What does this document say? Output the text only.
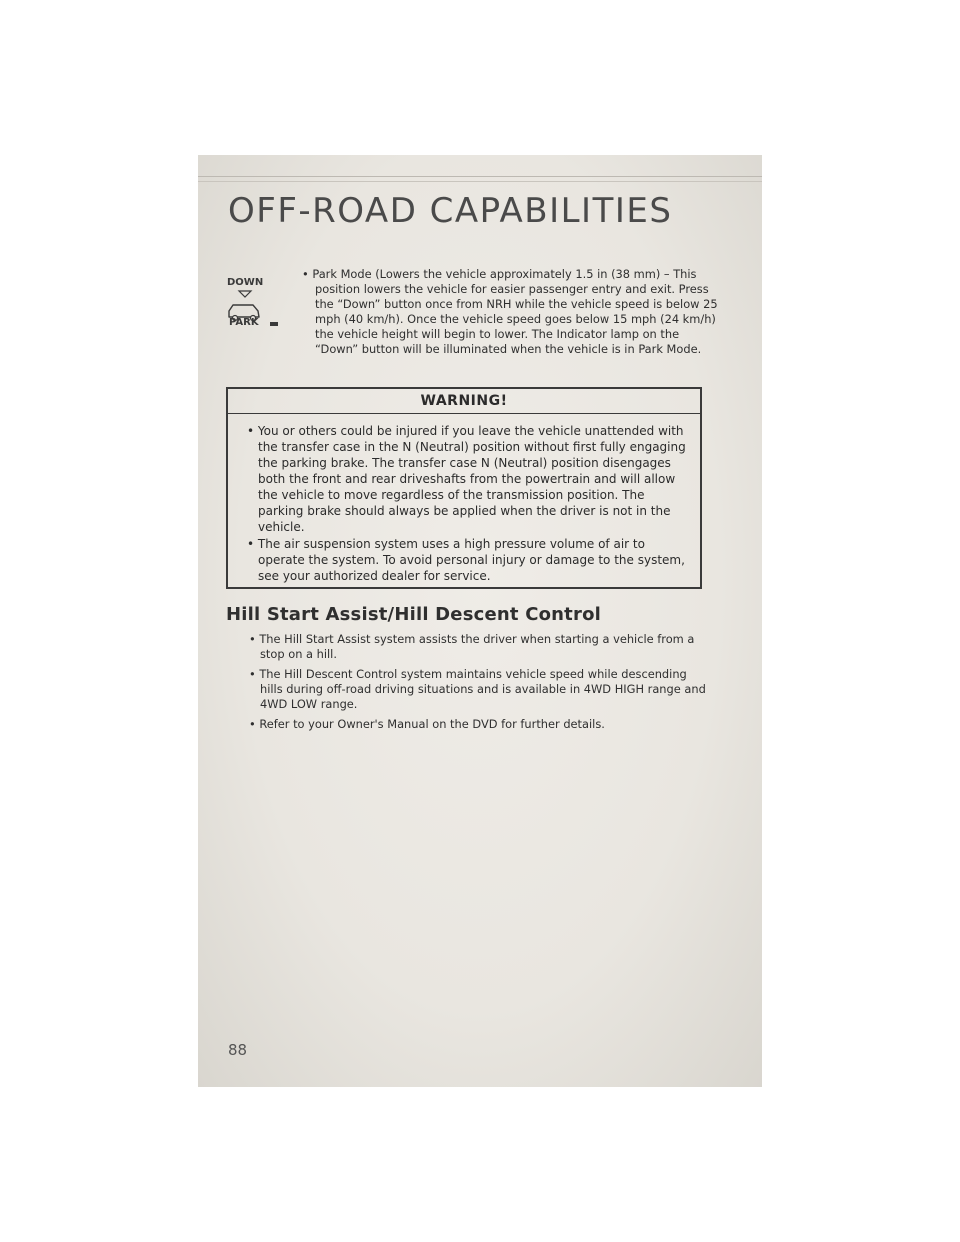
OFF-ROAD CAPABILITIES
DOWN
PARK
• Park Mode (Lowers the vehicle approximately 1.5 in (38 mm) – This position lowers the vehicle for easier passenger entry and exit. Press the “Down” button once from NRH while the vehicle speed is below 25 mph (40 km/h). Once the vehicle speed goes below 15 mph (24 km/h) the vehicle height will begin to lower. The Indicator lamp on the “Down” button will be illuminated when the vehicle is in Park Mode.
WARNING!
• You or others could be injured if you leave the vehicle unattended with the transfer case in the N (Neutral) position without first fully engaging the parking brake. The transfer case N (Neutral) position disengages both the front and rear driveshafts from the powertrain and will allow the vehicle to move regardless of the transmission position. The parking brake should always be applied when the driver is not in the vehicle.
• The air suspension system uses a high pressure volume of air to operate the system. To avoid personal injury or damage to the system, see your authorized dealer for service.
Hill Start Assist/Hill Descent Control
• The Hill Start Assist system assists the driver when starting a vehicle from a stop on a hill.
• The Hill Descent Control system maintains vehicle speed while descending hills during off-road driving situations and is available in 4WD HIGH range and 4WD LOW range.
• Refer to your Owner's Manual on the DVD for further details.
88
